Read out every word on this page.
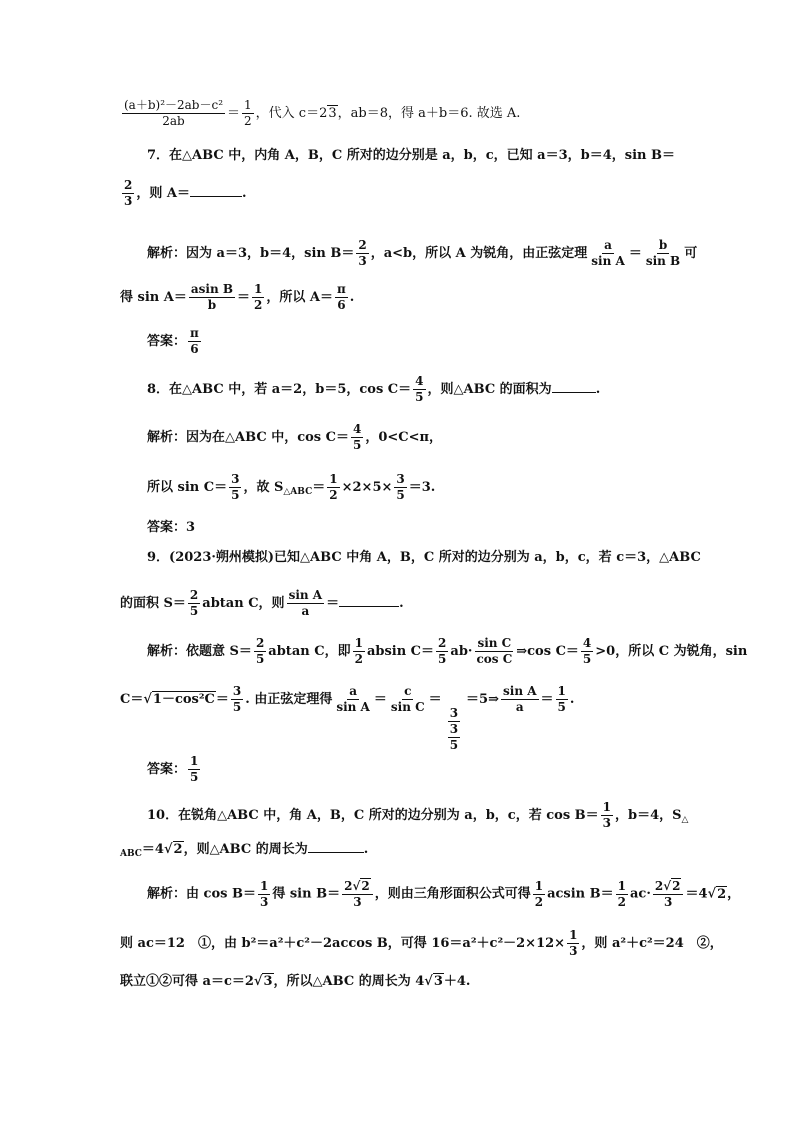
$\frac{\text{(a＋b)²－2ab－c²}}{2ab} = \frac{1}{2}$ ，代入 c＝23，ab＝8，得 a＋b＝6. 故选 A.
7．在△ABC 中，内角 A，B，C 所对的边分别是 a，b，c，已知 a＝3，b＝4，sin B＝
$\frac{2}{3}$ ，则 A＝	.
解析：因为 a＝3，b＝4，$\sin B= \frac{2}{3}$ ，a<b，所以 A 为锐角，由正弦定理 $\frac{a}{\text{sin A}} = \frac{b}{\text{sin B}}$ 可
得 $\sin A= \frac{\text{asin B}}{b} = \frac{1}{2}$ ，所以 $A= \frac{\pi}{6}$ .
答案： $\frac{\pi}{6}$
8．在△ABC 中，若 a＝2，b＝5，$\cos C= \frac{4}{5}$ ，则△ABC 的面积为	.
解析：因为在△ABC 中，$\cos C= \frac{4}{5}$ ，0<C<π，
所以 $\sin C= \frac{3}{5}$ ，故 $S_{\triangle ABC}= \frac{1}{2} \times 2\times 5\times \frac{3}{5} =3$.
答案：3
9．(2023·朔州模拟)已知△ABC 中角 A，B，C 所对的边分别为 a，b，c，若 c＝3，△ABC
的面积 $S= \frac{2}{5}$ abtan C，则 $\frac{\text{sin A}}{a}$ ＝	.
解析：依题意 $S= \frac{2}{5}$ abtan C，即 $\frac{1}{2}$ absin $C= \frac{2}{5} ab\cdot \frac{\text{sin C}}{\text{cos C}}$ ⇒cos $C= \frac{4}{5} >0$，所以 C 为锐角，sin
$C=√1-\cos^2C= \frac{3}{5}$ . 由正弦定理得 $\frac{a}{\text{sin A}} = \frac{c}{\text{sin C}}$ ＝
$\frac{3}{\frac{3}{5}}$
＝5⇒ $\frac{\text{sin A}}{a} = \frac{1}{5}$ .
答案： $\frac{1}{5}$
10．在锐角△ABC 中，角 A，B，C 所对的边分别为 a，b，c，若 $\cos B= \frac{1}{3}$ ，b＝4，$S_\triangle$
$_{ABC}$＝4√2，则△ABC 的周长为	.
解析：由 $\cos B= \frac{1}{3}$ 得 $\sin B= \frac{2√2}{3}$ ，则由三角形面积公式可得 $\frac{1}{2}$ acsin $B= \frac{1}{2} ac\cdot \frac{2√2}{3} =4√2$，
则 ac＝12　①，由 b²＝a²＋c²－2accos B，可得 $16=a^2+c^2-2\times 12\times \frac{1}{3}$ ，则 a²＋c²＝24　②，
联立①②可得 a＝c＝2√3，所以△ABC 的周长为 4√3＋4.
